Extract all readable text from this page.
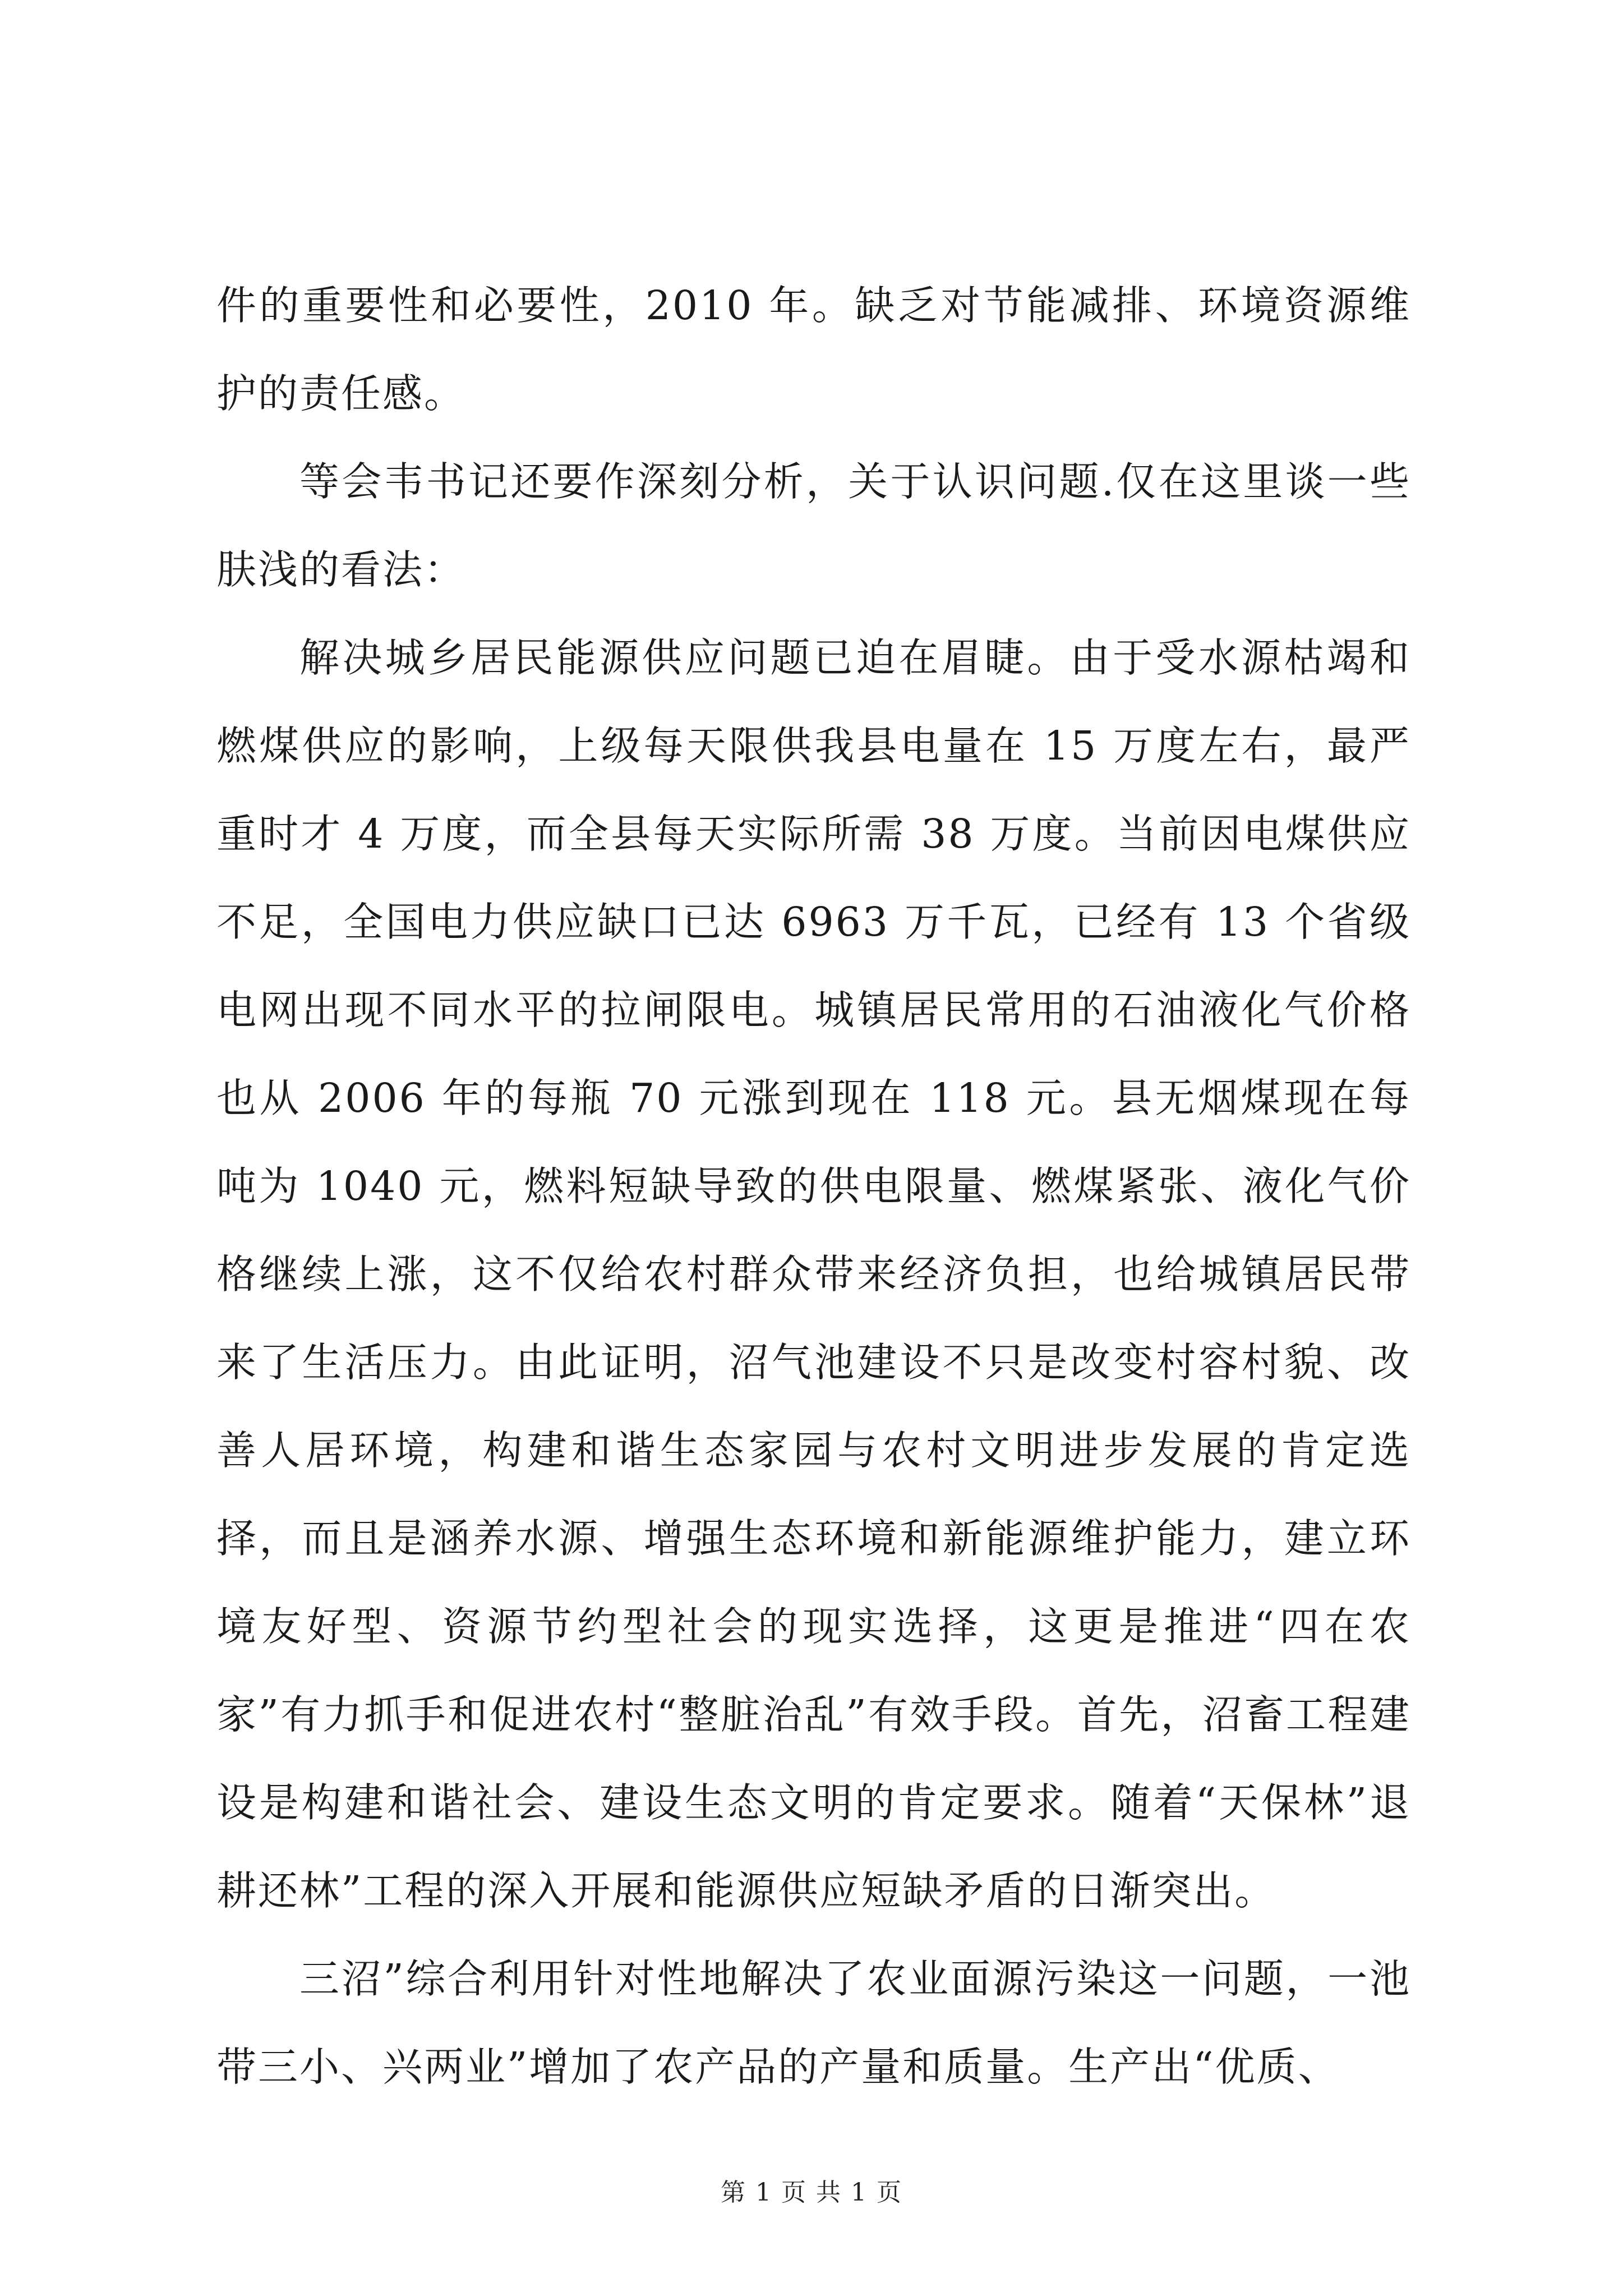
件的重要性和必要性，2010 年。缺乏对节能减排、环境资源维护的责任感。

等会韦书记还要作深刻分析，关于认识问题.仅在这里谈一些肤浅的看法：

解决城乡居民能源供应问题已迫在眉睫。由于受水源枯竭和燃煤供应的影响，上级每天限供我县电量在 15 万度左右，最严重时才 4 万度，而全县每天实际所需 38 万度。当前因电煤供应不足，全国电力供应缺口已达 6963 万千瓦，已经有 13 个省级电网出现不同水平的拉闸限电。城镇居民常用的石油液化气价格也从 2006 年的每瓶 70 元涨到现在 118 元。县无烟煤现在每吨为 1040 元，燃料短缺导致的供电限量、燃煤紧张、液化气价格继续上涨，这不仅给农村群众带来经济负担，也给城镇居民带来了生活压力。由此证明，沼气池建设不只是改变村容村貌、改善人居环境，构建和谐生态家园与农村文明进步发展的肯定选择，而且是涵养水源、增强生态环境和新能源维护能力，建立环境友好型、资源节约型社会的现实选择，这更是推进“四在农家”有力抓手和促进农村“整脏治乱”有效手段。首先，沼畜工程建设是构建和谐社会、建设生态文明的肯定要求。随着“天保林”退耕还林”工程的深入开展和能源供应短缺矛盾的日渐突出。

三沼”综合利用针对性地解决了农业面源污染这一问题，一池带三小、兴两业”增加了农产品的产量和质量。生产出“优质、

第 1 页 共 1 页
